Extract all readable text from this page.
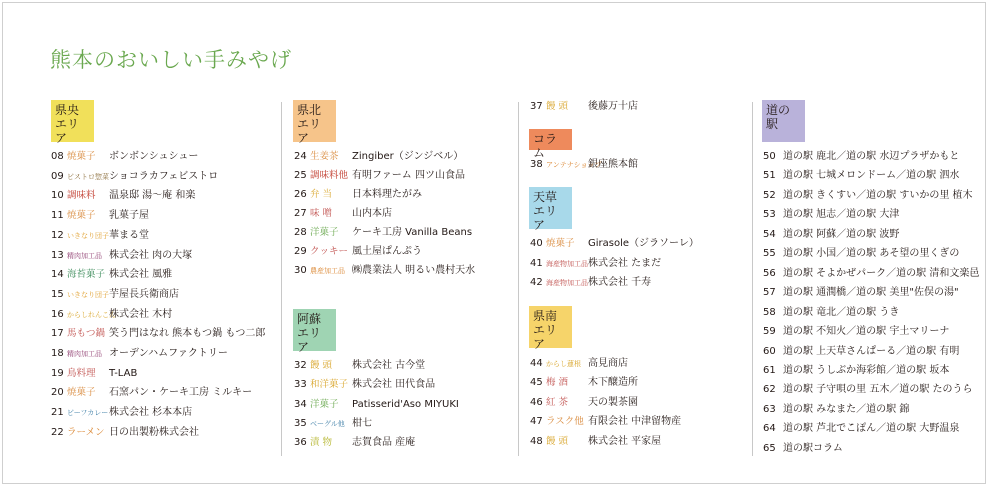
熊本のおいしい手みやげ
県央
エリア
08 焼菓子 ボンボンシュシュー
09 ビストロ惣菜ショコラカフェビストロ
10 調味料 温泉邸 湯〜庵 和楽
11 焼菓子 乳菓子屋
12 いきなり団子華まる堂
13 精肉加工品 株式会社 肉の大塚
14 海苔菓子 株式会社 風雅
15 いきなり団子芋屋長兵衛商店
16 からしれんこん株式会社 木村
17 馬もつ鍋 笑う門はなれ 熊本もつ鍋 もつ二郎
18 精肉加工品 オーデンハムファクトリー
19 鳥料理 T-LAB
20 焼菓子 石窯パン・ケーキ工房 ミルキー
21 ビーフカレー株式会社 杉本本店
22 ラーメン 日の出製粉株式会社
県北
エリア
阿蘇
エリア
24 生姜茶 Zingiber（ジンジベル）
25 調味料他 有明ファーム 四ツ山食品
26 弁 当 日本料理たがみ
27 味 噌 山内本店
28 洋菓子 ケーキ工房 Vanilla Beans
29 クッキー 風土屋ぱんぷう
30 農産加工品 ㈱農業法人 明るい農村天水
32 饅 頭 株式会社 古今堂
33 和洋菓子 株式会社 田代食品
34 洋菓子 Patisserid'Aso MIYUKI
35 ベーグル他 柑七
36 漬 物 志賀食品 産庵
コラム
天草
エリア
県南
エリア
37 饅 頭 後藤万十店
38 アンテナショップ銀座熊本館
40 焼菓子 Girasole（ジラソーレ）
41 海産物加工品株式会社 たまだ
42 海産物加工品株式会社 千寿
44 からし蓮根 高見商店
45 梅 酒 木下醸造所
46 紅 茶 天の製茶園
47 ラスク他 有限会社 中津留物産
48 饅 頭 株式会社 平家屋
道の駅
50 道の駅 鹿北／道の駅 水辺プラザかもと
51 道の駅 七城メロンドーム／道の駅 泗水
52 道の駅 きくすい／道の駅 すいかの里 植木
53 道の駅 旭志／道の駅 大津
54 道の駅 阿蘇／道の駅 波野
55 道の駅 小国／道の駅 あそ望の里くぎの
56 道の駅 そよかぜパーク／道の駅 清和文楽邑
57 道の駅 通潤橋／道の駅 美里"佐俣の湯"
58 道の駅 竜北／道の駅 うき
59 道の駅 不知火／道の駅 宇土マリーナ
60 道の駅 上天草さんぱーる／道の駅 有明
61 道の駅 うしぶか海彩館／道の駅 坂本
62 道の駅 子守唄の里 五木／道の駅 たのうら
63 道の駅 みなまた／道の駅 錦
64 道の駅 芦北でこぽん／道の駅 大野温泉
65 道の駅コラム
